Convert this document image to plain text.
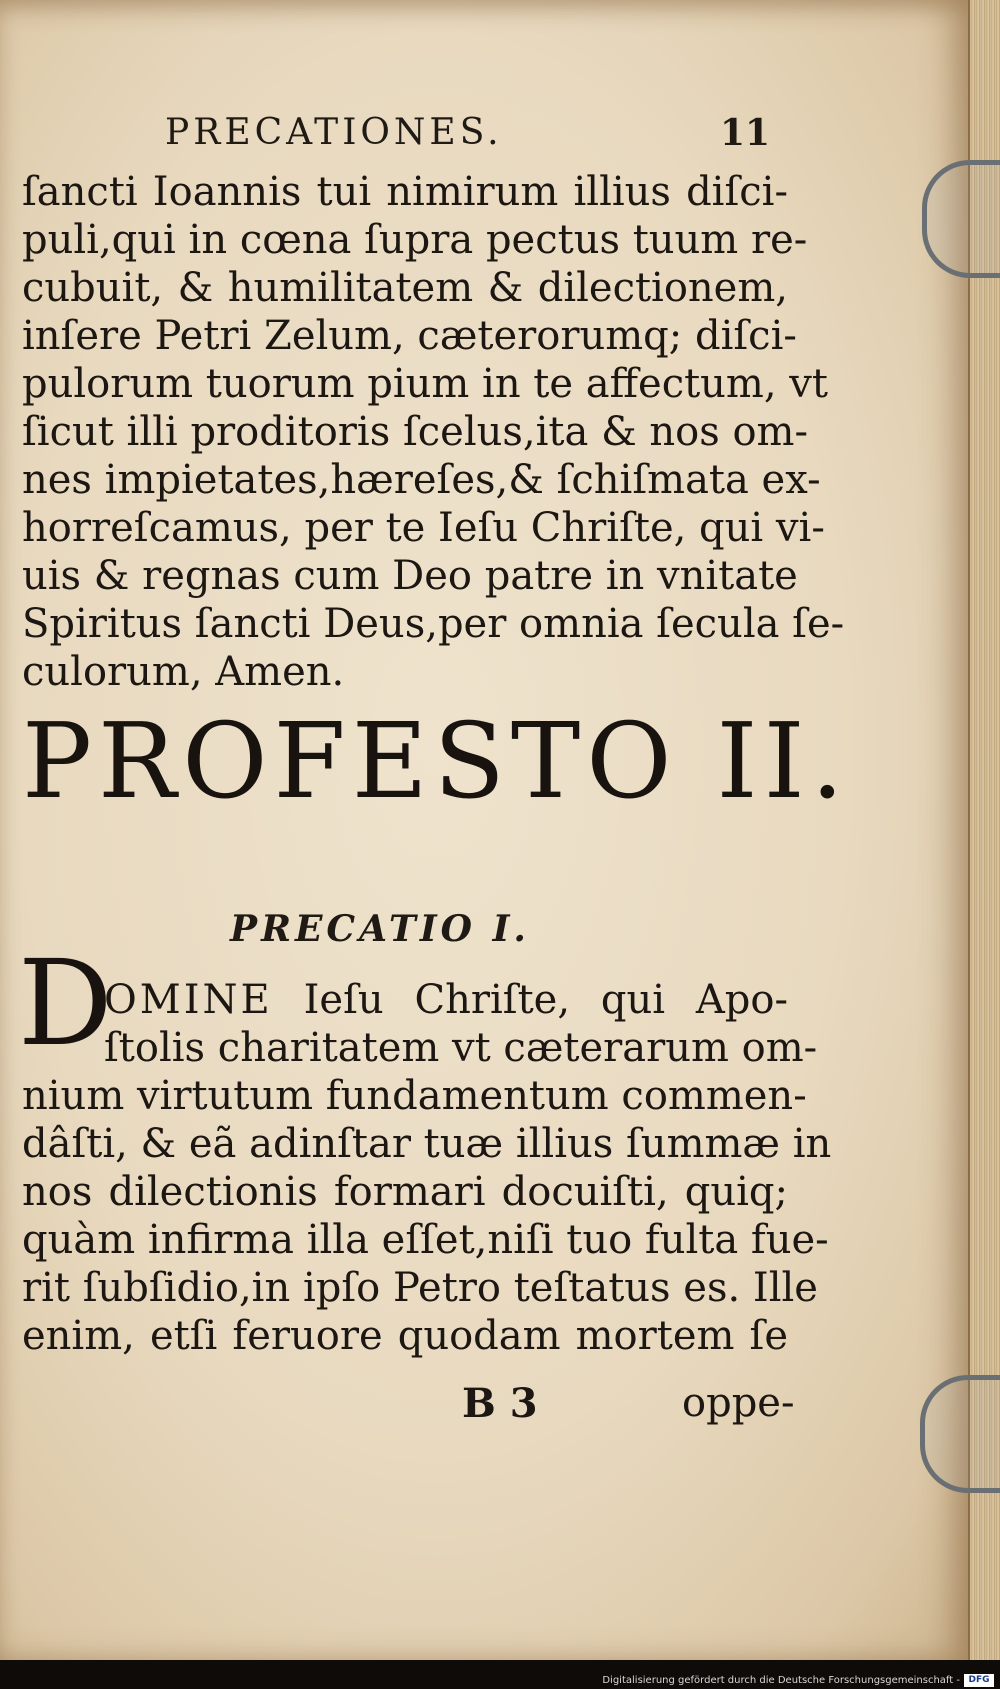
PRECATIONES.	11
ſancti Ioannis tui nimirum illius diſci-
puli,qui in cœna ſupra pectus tuum re-
cubuit, & humilitatem & dilectionem,
inſere Petri Zelum, cæterorumq; diſci-
pulorum tuorum pium in te affectum, vt
ſicut illi proditoris ſcelus,ita & nos om-
nes impietates,hæreſes,& ſchiſmata ex-
horreſcamus, per te Ieſu Chriſte, qui vi-
uis & regnas cum Deo patre in vnitate
Spiritus ſancti Deus,per omnia ſecula ſe-
culorum, Amen.
PROFESTO II.
PRECATIO I.
D
OMINE Ieſu Chriſte, qui Apo-
ſtolis charitatem vt cæterarum om-
nium virtutum fundamentum commen-
dâſti, & eã adinſtar tuæ illius ſummæ in
nos dilectionis formari docuiſti, quiq;
quàm infirma illa eſſet,niſi tuo fulta fue-
rit ſubſidio,in ipſo Petro teſtatus es. Ille
enim, etſi feruore quodam mortem ſe
B 3	oppe-
Digitalisierung gefördert durch die Deutsche Forschungsgemeinschaft - DFG
